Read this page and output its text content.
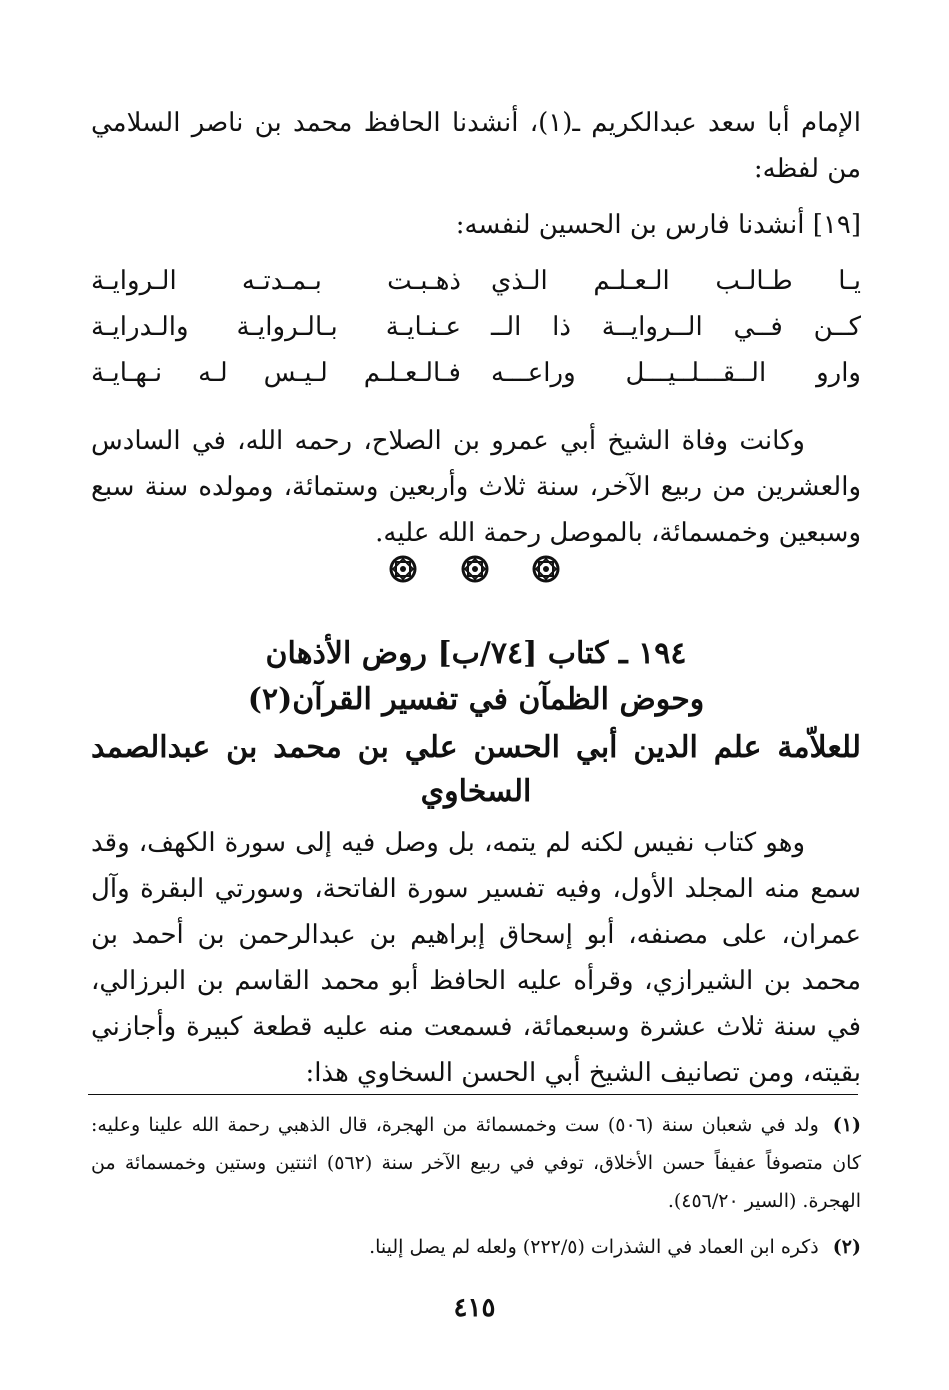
الإمام أبا سعد عبدالكريم ـ(١)، أنشدنا الحافظ محمد بن ناصر السلامي من لفظه:

[١٩] أنشدنا فارس بن الحسين لنفسه:

يـا طـالـب الـعـلـم الـذي
ذهـبـت بـمـدتـه الـروايـة
كــن فــي الــروايــة ذا الــ
عـنـايـة بـالـروايـة والـدرايـة
وارو الــقـــلــيـــل وراعـــه
فـالـعـلـم لـيـس لـه نـهـايـة

وكانت وفاة الشيخ أبي عمرو بن الصلاح، رحمه الله، في السادس والعشرين من ربيع الآخر، سنة ثلاث وأربعين وستمائة، ومولده سنة سبع وسبعين وخمسمائة، بالموصل رحمة الله عليه.

١٩٤ ـ كتاب [٧٤/ب] روض الأذهان
وحوض الظمآن في تفسير القرآن(٢)
للعلاّمة علم الدين أبي الحسن علي بن محمد بن عبدالصمد
السخاوي

وهو كتاب نفيس لكنه لم يتمه، بل وصل فيه إلى سورة الكهف، وقد سمع منه المجلد الأول، وفيه تفسير سورة الفاتحة، وسورتي البقرة وآل عمران، على مصنفه، أبو إسحاق إبراهيم بن عبدالرحمن بن أحمد بن محمد بن الشيرازي، وقرأه عليه الحافظ أبو محمد القاسم بن البرزالي، في سنة ثلاث عشرة وسبعمائة، فسمعت منه عليه قطعة كبيرة وأجازني بقيته، ومن تصانيف الشيخ أبي الحسن السخاوي هذا:

(١)ولد في شعبان سنة (٥٠٦) ست وخمسمائة من الهجرة، قال الذهبي رحمة الله علينا وعليه: كان متصوفاً عفيفاً حسن الأخلاق، توفي في ربيع الآخر سنة (٥٦٢) اثنتين وستين وخمسمائة من الهجرة. (السير ٤٥٦/٢٠).

(٢)ذكره ابن العماد في الشذرات (٢٢٢/٥) ولعله لم يصل إلينا.

٤١٥
